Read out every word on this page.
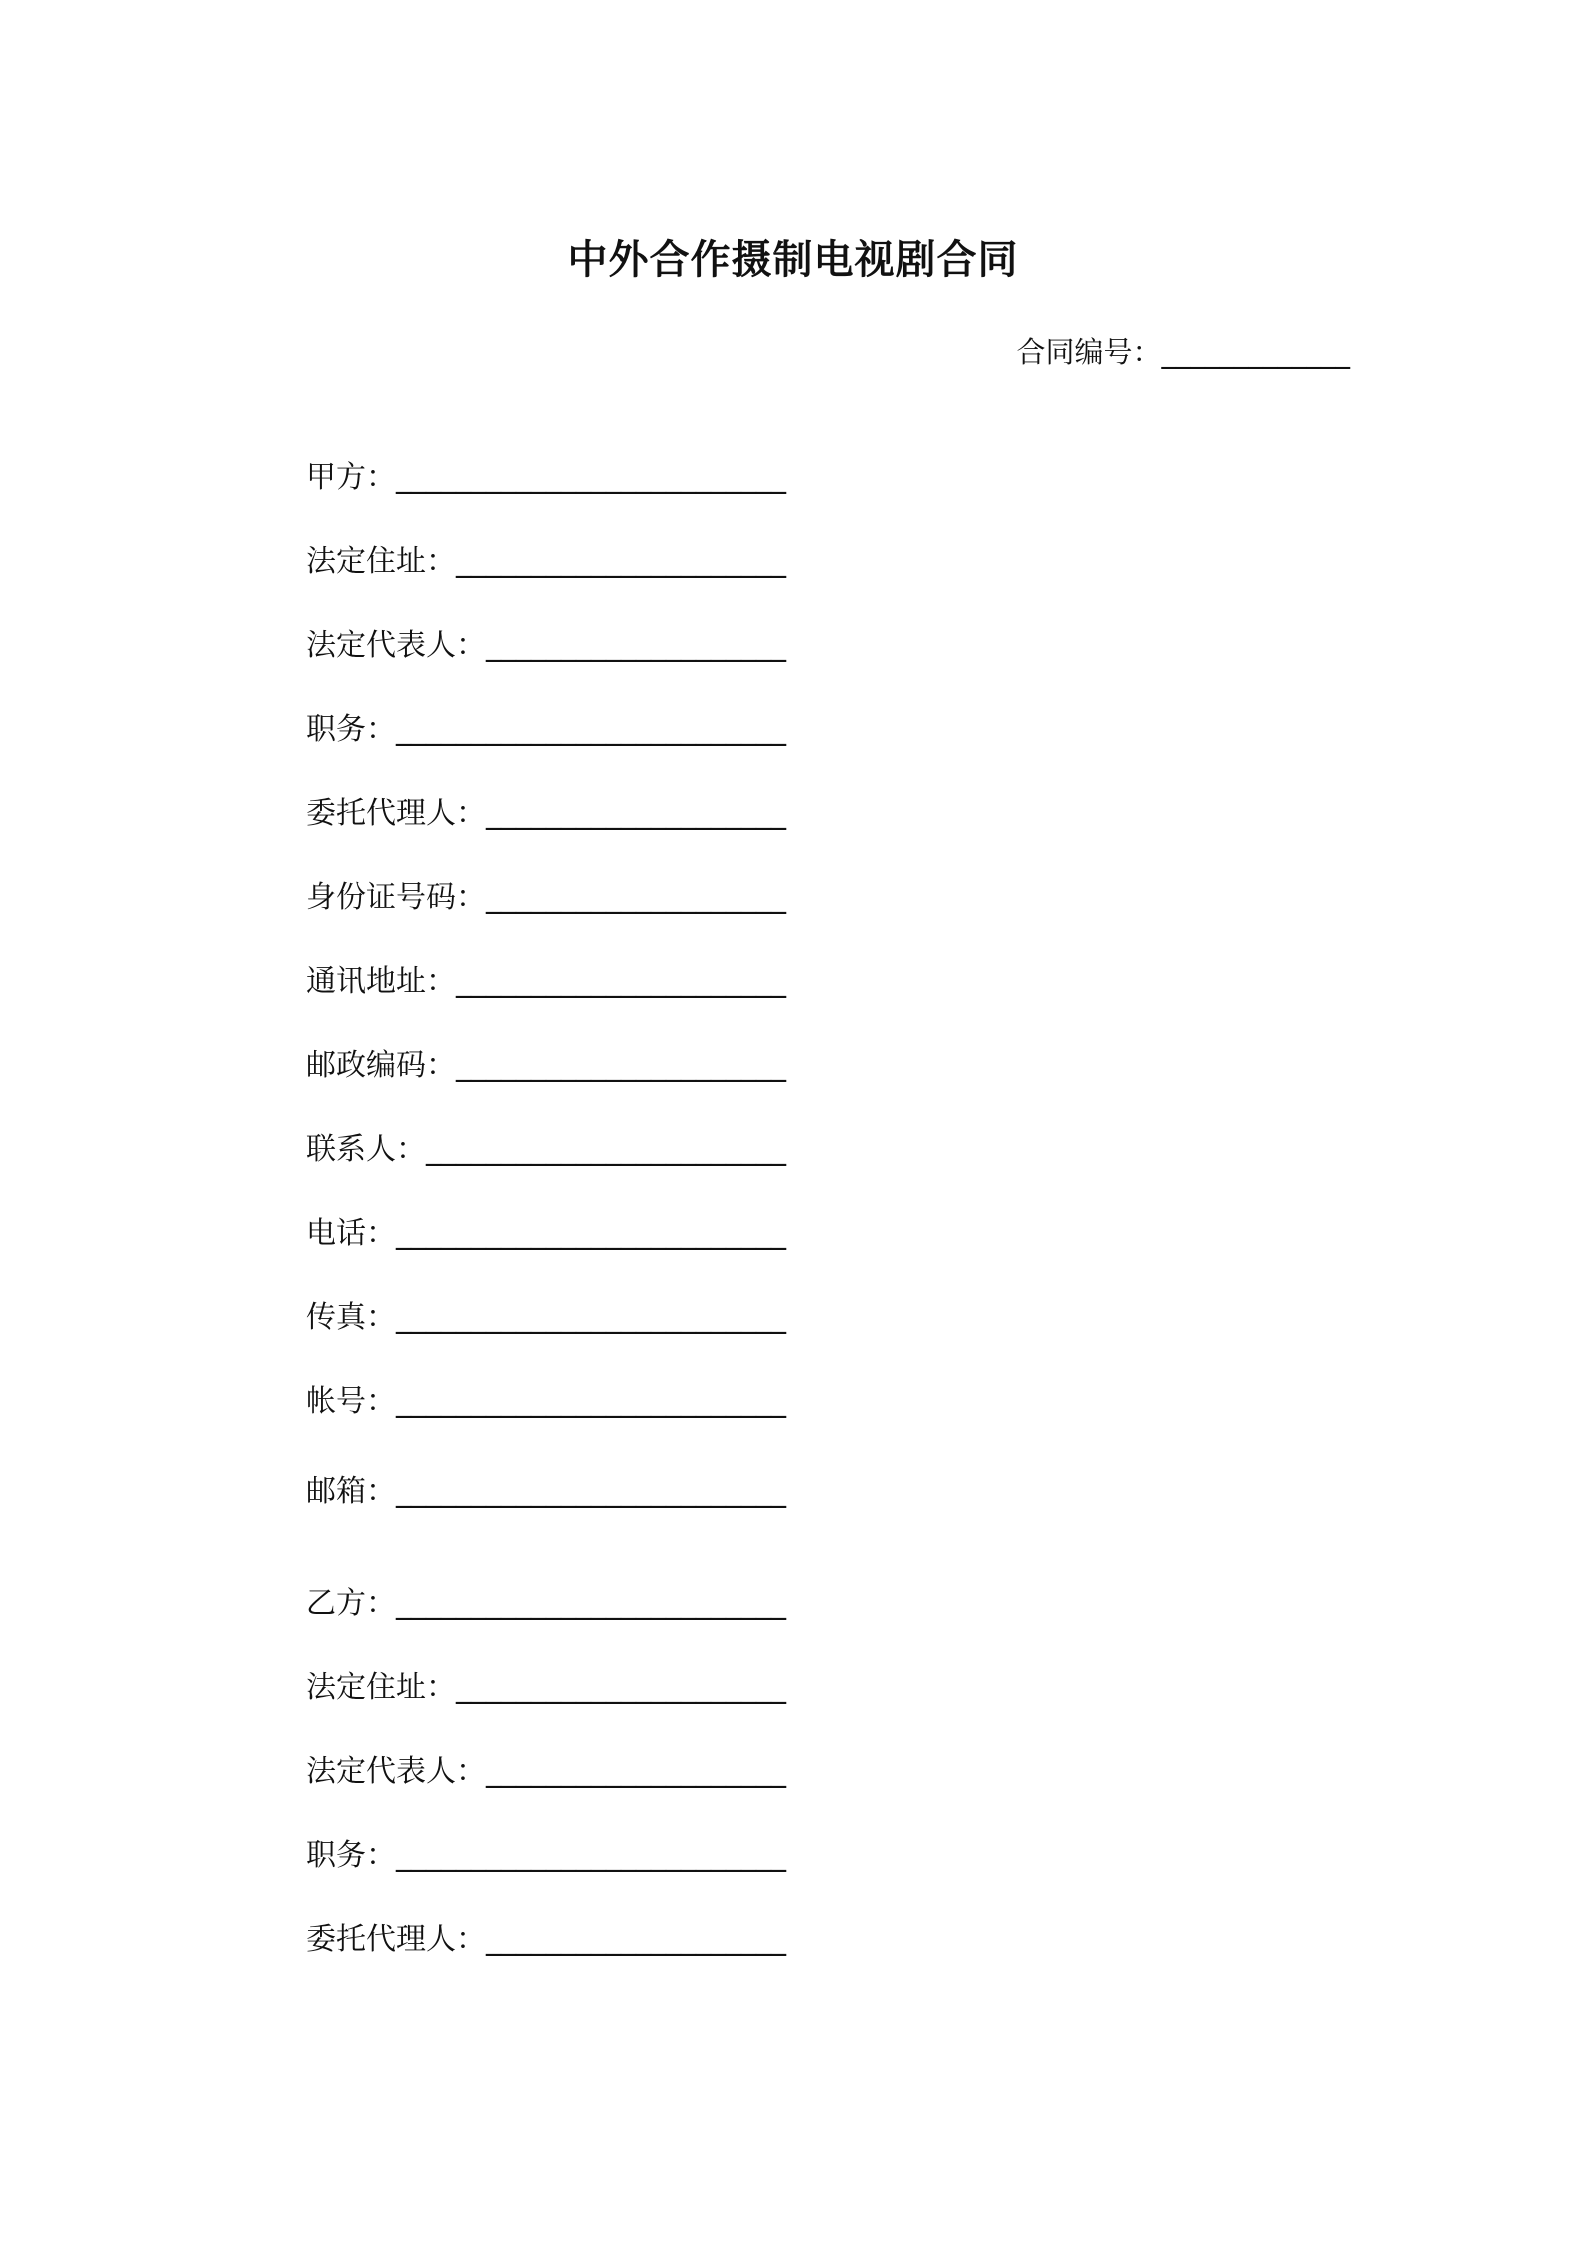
中外合作摄制电视剧合同
合同编号：_____________
甲方：__________________________
法定住址：______________________
法定代表人：____________________
职务：__________________________
委托代理人：____________________
身份证号码：____________________
通讯地址：______________________
邮政编码：______________________
联系人：________________________
电话：__________________________
传真：__________________________
帐号：__________________________
邮箱：__________________________
乙方：__________________________
法定住址：______________________
法定代表人：____________________
职务：__________________________
委托代理人：____________________
